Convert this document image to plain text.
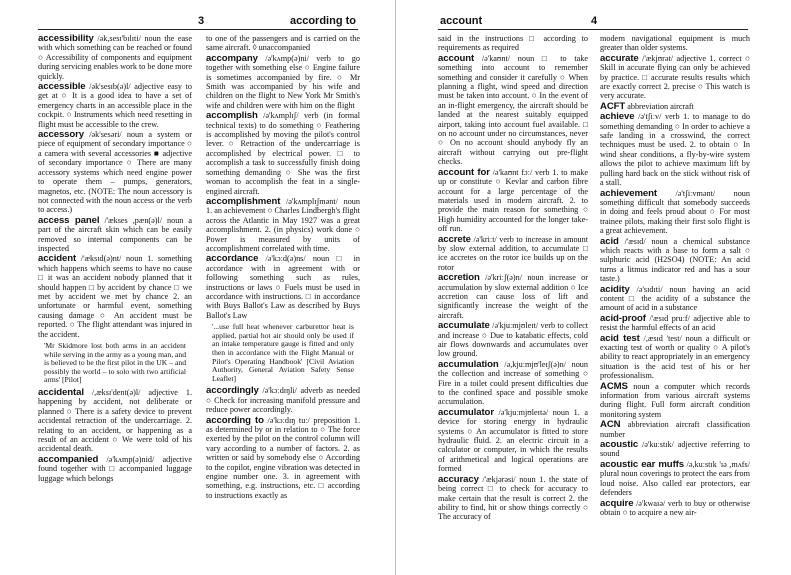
3	according to
accessibility /ək,sesɪ'bɪlɪti/ noun the ease with which something can be reached or found ○ Accessibility of components and equipment during servicing enables work to be done more quickly.
accessible /ək'sesɪb(ə)l/ adjective easy to get at ○ It is a good idea to have a set of emergency charts in an accessible place in the cockpit. ○ Instruments which need resetting in flight must be accessible to the crew.
accessory /ək'sesəri/ noun a system or piece of equipment of secondary importance ○ a camera with several accessories ■ adjective of secondary importance ○ There are many accessory systems which need engine power to operate them – pumps, generators, magnetos, etc. (NOTE: The noun accessory is not connected with the noun access or the verb to access.)
access panel /'ækses ,pæn(ə)l/ noun a part of the aircraft skin which can be easily removed so internal components can be inspected
accident /'æksɪd(ə)nt/ noun 1. something which happens which seems to have no cause □ it was an accident nobody planned that it should happen □ by accident by chance □ we met by accident we met by chance 2. an unfortunate or harmful event, something causing damage ○ An accident must be reported. ○ The flight attendant was injured in the accident.
'Mr Skidmore lost both arms in an accident while serving in the army as a young man, and is believed to be the first pilot in the UK – and possibly the world – to solo with two artificial arms' [Pilot]
accidental /,æksɪ'dent(ə)l/ adjective 1. happening by accident, not deliberate or planned ○ There is a safety device to prevent accidental retraction of the undercarriage. 2. relating to an accident, or happening as a result of an accident ○ We were told of his accidental death.
accompanied /ə'kʌmp(ə)nid/ adjective found together with □ accompanied luggage luggage which belongs
to one of the passengers and is carried on the same aircraft. ◊ unaccompanied
accompany /ə'kʌmp(ə)ni/ verb to go together with something else ○ Engine failure is sometimes accompanied by fire. ○ Mr Smith was accompanied by his wife and children on the flight to New York Mr Smith's wife and children were with him on the flight
accomplish /ə'kʌmplɪʃ/ verb (in formal technical texts) to do something ○ Feathering is accomplished by moving the pilot's control lever. ○ Retraction of the undercarriage is accomplished by electrical power. □ to accomplish a task to successfully finish doing something demanding ○ She was the first woman to accomplish the feat in a single-engined aircraft.
accomplishment /ə'kʌmplɪʃmənt/ noun 1. an achievement ○ Charles Lindbergh's flight across the Atlantic in May 1927 was a great accomplishment. 2. (in physics) work done ○ Power is measured by units of accomplishment correlated with time.
accordance /ə'kɔːd(ə)ns/ noun □ in accordance with in agreement with or following something such as rules, instructions or laws ○ Fuels must be used in accordance with instructions. □ in accordance with Buys Ballot's Law as described by Buys Ballot's Law
'...use full heat whenever carburettor heat is applied, partial hot air should only be used if an intake temperature gauge is fitted and only then in accordance with the Flight Manual or Pilot's Operating Handbook' [Civil Aviation Authority, General Aviation Safety Sense Leaflet]
accordingly /ə'kɔːdɪŋli/ adverb as needed ○ Check for increasing manifold pressure and reduce power accordingly.
according to /ə'kɔːdɪŋ tuː/ preposition 1. as determined by or in relation to ○ The force exerted by the pilot on the control column will vary according to a number of factors. 2. as written or said by somebody else ○ According to the copilot, engine vibration was detected in engine number one. 3. in agreement with something, e.g. instructions, etc. □ according to instructions exactly as
account	4
said in the instructions □ according to requirements as required
account /ə'kaʊnt/ noun □ to take something into account to remember something and consider it carefully ○ When planning a flight, wind speed and direction must be taken into account. ○ In the event of an in-flight emergency, the aircraft should be landed at the nearest suitably equipped airport, taking into account fuel available. □ on no account under no circumstances, never ○ On no account should anybody fly an aircraft without carrying out pre-flight checks.
account for /ə'kaʊnt fɔː/ verb 1. to make up or constitute ○ Kevlar and carbon fibre account for a large percentage of the materials used in modern aircraft. 2. to provide the main reason for something ○ High humidity accounted for the longer take-off run.
accrete /ə'kriːt/ verb to increase in amount by slow external addition, to accumulate □ ice accretes on the rotor ice builds up on the rotor
accretion /ə'kriːʃ(ə)n/ noun increase or accumulation by slow external addition ○ Ice accretion can cause loss of lift and significantly increase the weight of the aircraft.
accumulate /ə'kjuːmjʊleɪt/ verb to collect and increase ○ Due to katabatic effects, cold air flows downwards and accumulates over low ground.
accumulation /ə,kjuːmjʊ'leɪʃ(ə)n/ noun the collection and increase of something ○ Fire in a toilet could present difficulties due to the confined space and possible smoke accumulation.
accumulator /ə'kjuːmjʊleɪtə/ noun 1. a device for storing energy in hydraulic systems ○ An accumulator is fitted to store hydraulic fluid. 2. an electric circuit in a calculator or computer, in which the results of arithmetical and logical operations are formed
accuracy /'ækjərəsi/ noun 1. the state of being correct □ to check for accuracy to make certain that the result is correct 2. the ability to find, hit or show things correctly ○ The accuracy of
modern navigational equipment is much greater than older systems.
accurate /'ækjʊrət/ adjective 1. correct ○ Skill in accurate flying can only be achieved by practice. □ accurate results results which are exactly correct 2. precise ○ This watch is very accurate.
ACFT abbreviation aircraft
achieve /ə'tʃiːv/ verb 1. to manage to do something demanding ○ In order to achieve a safe landing in a crosswind, the correct techniques must be used. 2. to obtain ○ In wind shear conditions, a fly-by-wire system allows the pilot to achieve maximum lift by pulling hard back on the stick without risk of a stall.
achievement /ə'tʃiːvmənt/ noun something difficult that somebody succeeds in doing and feels proud about ○ For most trainee pilots, making their first solo flight is a great achievement.
acid /'æsɪd/ noun a chemical substance which reacts with a base to form a salt ○ sulphuric acid (H2SO4) (NOTE: An acid turns a litmus indicator red and has a sour taste.)
acidity /ə'sɪdɪti/ noun having an acid content □ the acidity of a substance the amount of acid in a substance
acid-proof /'æsɪd pruːf/ adjective able to resist the harmful effects of an acid
acid test /,æsɪd 'test/ noun a difficult or exacting test of worth or quality ○ A pilot's ability to react appropriately in an emergency situation is the acid test of his or her professionalism.
ACMS noun a computer which records information from various aircraft systems during flight. Full form aircraft condition monitoring system
ACN abbreviation aircraft classification number
acoustic /ə'kuːstɪk/ adjective referring to sound
acoustic ear muffs /ə,kuːstɪk 'ɪə ,mʌfs/ plural noun coverings to protect the ears from loud noise. Also called ear protectors, ear defenders
acquire /ə'kwaɪə/ verb to buy or otherwise obtain ○ to acquire a new air-
